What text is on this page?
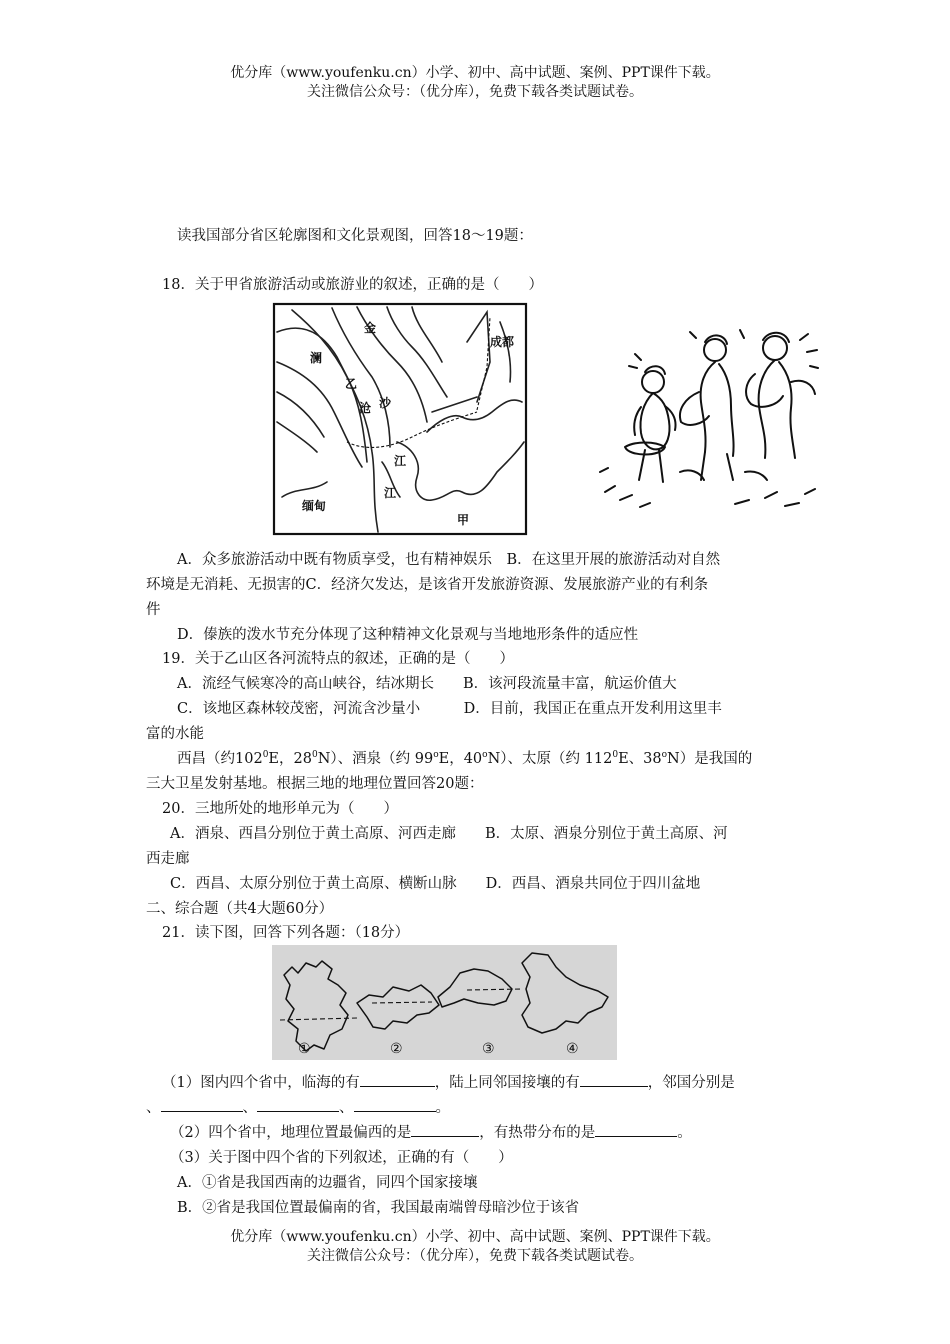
优分库（www.youfenku.cn）小学、初中、高中试题、案例、PPT课件下载。
关注微信公众号：（优分库），免费下载各类试题试卷。
读我国部分省区轮廓图和文化景观图，回答18～19题：
18．关于甲省旅游活动或旅游业的叙述，正确的是（　　）
金
澜
乙
沧 沙
江
江
成都
缅甸
甲
A．众多旅游活动中既有物质享受，也有精神娱乐　B．在这里开展的旅游活动对自然
环境是无消耗、无损害的C．经济欠发达，是该省开发旅游资源、发展旅游产业的有利条
件
D．傣族的泼水节充分体现了这种精神文化景观与当地地形条件的适应性
19．关于乙山区各河流特点的叙述，正确的是（　　）
A．流经气候寒冷的高山峡谷，结冰期长　　B．该河段流量丰富，航运价值大
C．该地区森林较茂密，河流含沙量小　　　D．目前，我国正在重点开发利用这里丰
富的水能
西昌（约$102^0E$，$28^0N$）、酒泉（约 99$^o$E，40$^o$N）、太原（约 $112^0E$、38$^o$N）是我国的
三大卫星发射基地。根据三地的地理位置回答20题：
20．三地所处的地形单元为（　　）
A．酒泉、西昌分别位于黄土高原、河西走廊　　B．太原、酒泉分别位于黄土高原、河
西走廊
C．西昌、太原分别位于黄土高原、横断山脉　　D．西昌、酒泉共同位于四川盆地
二、综合题（共4大题60分）
21．读下图，回答下列各题：（18分）
①	②	③	④
（1）图内四个省中，临海的有	，陆上同邻国接壤的有	，邻国分别是
、	、	、	。
（2）四个省中，地理位置最偏西的是	，有热带分布的是	。
（3）关于图中四个省的下列叙述，正确的有（　　）
A．①省是我国西南的边疆省，同四个国家接壤
B．②省是我国位置最偏南的省，我国最南端曾母暗沙位于该省
优分库（www.youfenku.cn）小学、初中、高中试题、案例、PPT课件下载。
关注微信公众号：（优分库），免费下载各类试题试卷。
